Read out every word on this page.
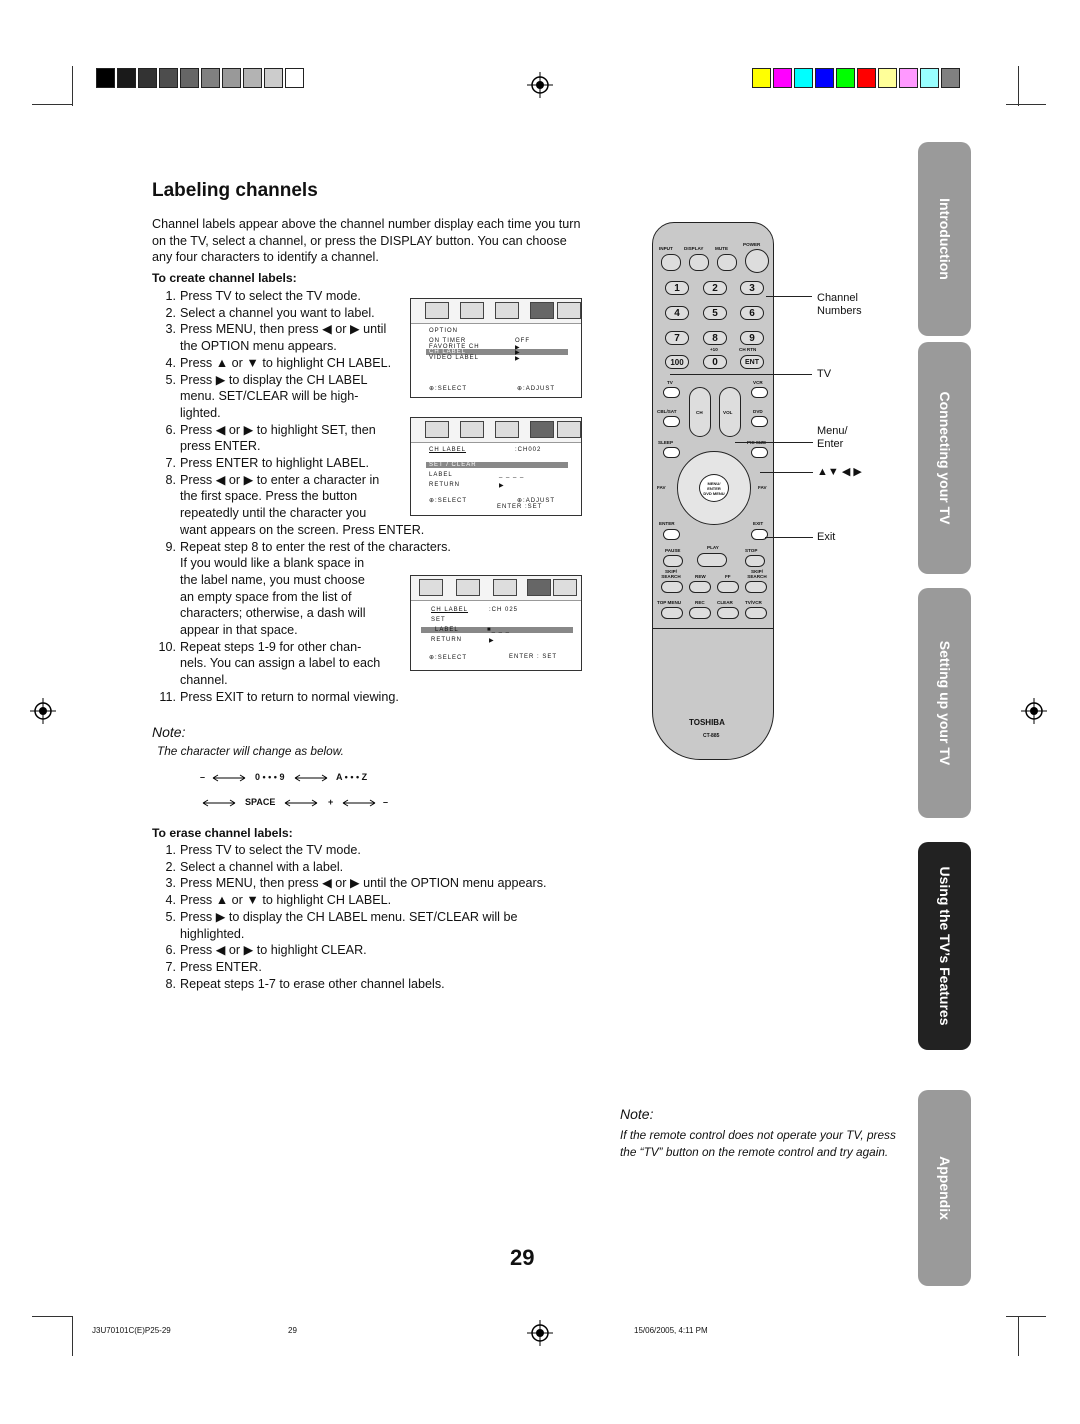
Labeling channels

Channel labels appear above the channel number display each time you turn on the TV, select a channel, or press the DISPLAY button. You can choose any four characters to identify a channel.

To create channel labels:
1. Press TV to select the TV mode.
2. Select a channel you want to label.
3. Press MENU, then press ◀ or ▶ until
the OPTION menu appears.
4. Press ▲ or ▼ to highlight CH LABEL.
5. Press ▶ to display the CH LABEL
menu. SET/CLEAR will be high-
lighted.
6. Press ◀ or ▶ to highlight SET, then
press ENTER.
7. Press ENTER to highlight LABEL.
8. Press ◀ or ▶ to enter a character in
the first space. Press the button
repeatedly until the character you
want appears on the screen. Press ENTER.
9. Repeat step 8 to enter the rest of the characters.
If you would like a blank space in
the label name, you must choose
an empty space from the list of
characters; otherwise, a dash will
appear in that space.
10. Repeat steps 1-9 for other chan-
nels. You can assign a label to each
channel.
11. Press EXIT to return to normal viewing.
OPTION
ON TIMER	OFF
FAVORITE CH	▶
CH LABEL	▶
VIDEO LABEL	▶
⊕:SELECT	⊕:ADJUST
CH LABEL	:CH002
SET / CLEAR
LABEL	_ _ _ _
RETURN	▶
⊕:SELECT	⊕:ADJUST
ENTER :SET
CH LABEL	:CH 025
SET
LABEL	■_ _ _
RETURN	▶
⊕:SELECT	ENTER : SET
Note:
The character will change as below.
–	0 • • • 9	A • • • Z
SPACE	+	–
To erase channel labels:
1. Press TV to select the TV mode.
2. Select a channel with a label.
3. Press MENU, then press ◀ or ▶ until the OPTION menu appears.
4. Press ▲ or ▼ to highlight CH LABEL.
5. Press ▶ to display the CH LABEL menu. SET/CLEAR will be
highlighted.
6. Press ◀ or ▶ to highlight CLEAR.
7. Press ENTER.
8. Repeat steps 1-7 to erase other channel labels.
INPUT DISPLAY	MUTE
POWER
1	2	3
4	5	6
7	8	9
+10	CH RTN
100	0	ENT
TV	VCR
CBL/SAT	DVD
CH	VOL
SLEEP
MENU/ ENTER DVD MENU
FAV	FAV
ENTER	EXIT
PAUSE
PLAY
STOP
SKIP/ SEARCH	REW	FF
SKIP/ SEARCH
TOP MENU	REC	CLEAR	TV/VCR
TOSHIBA
CT-885
Channel Numbers
TV
Menu/ Enter
▲▼ ◀ ▶
Exit
Note:
If the remote control does not operate your TV, press the “TV” button on the remote control and try again.
Introduction
Connecting your TV
Setting up your TV
Using the TV’s Features
Appendix
29
J3U70101C(E)P25-29	29	15/06/2005, 4:11 PM
